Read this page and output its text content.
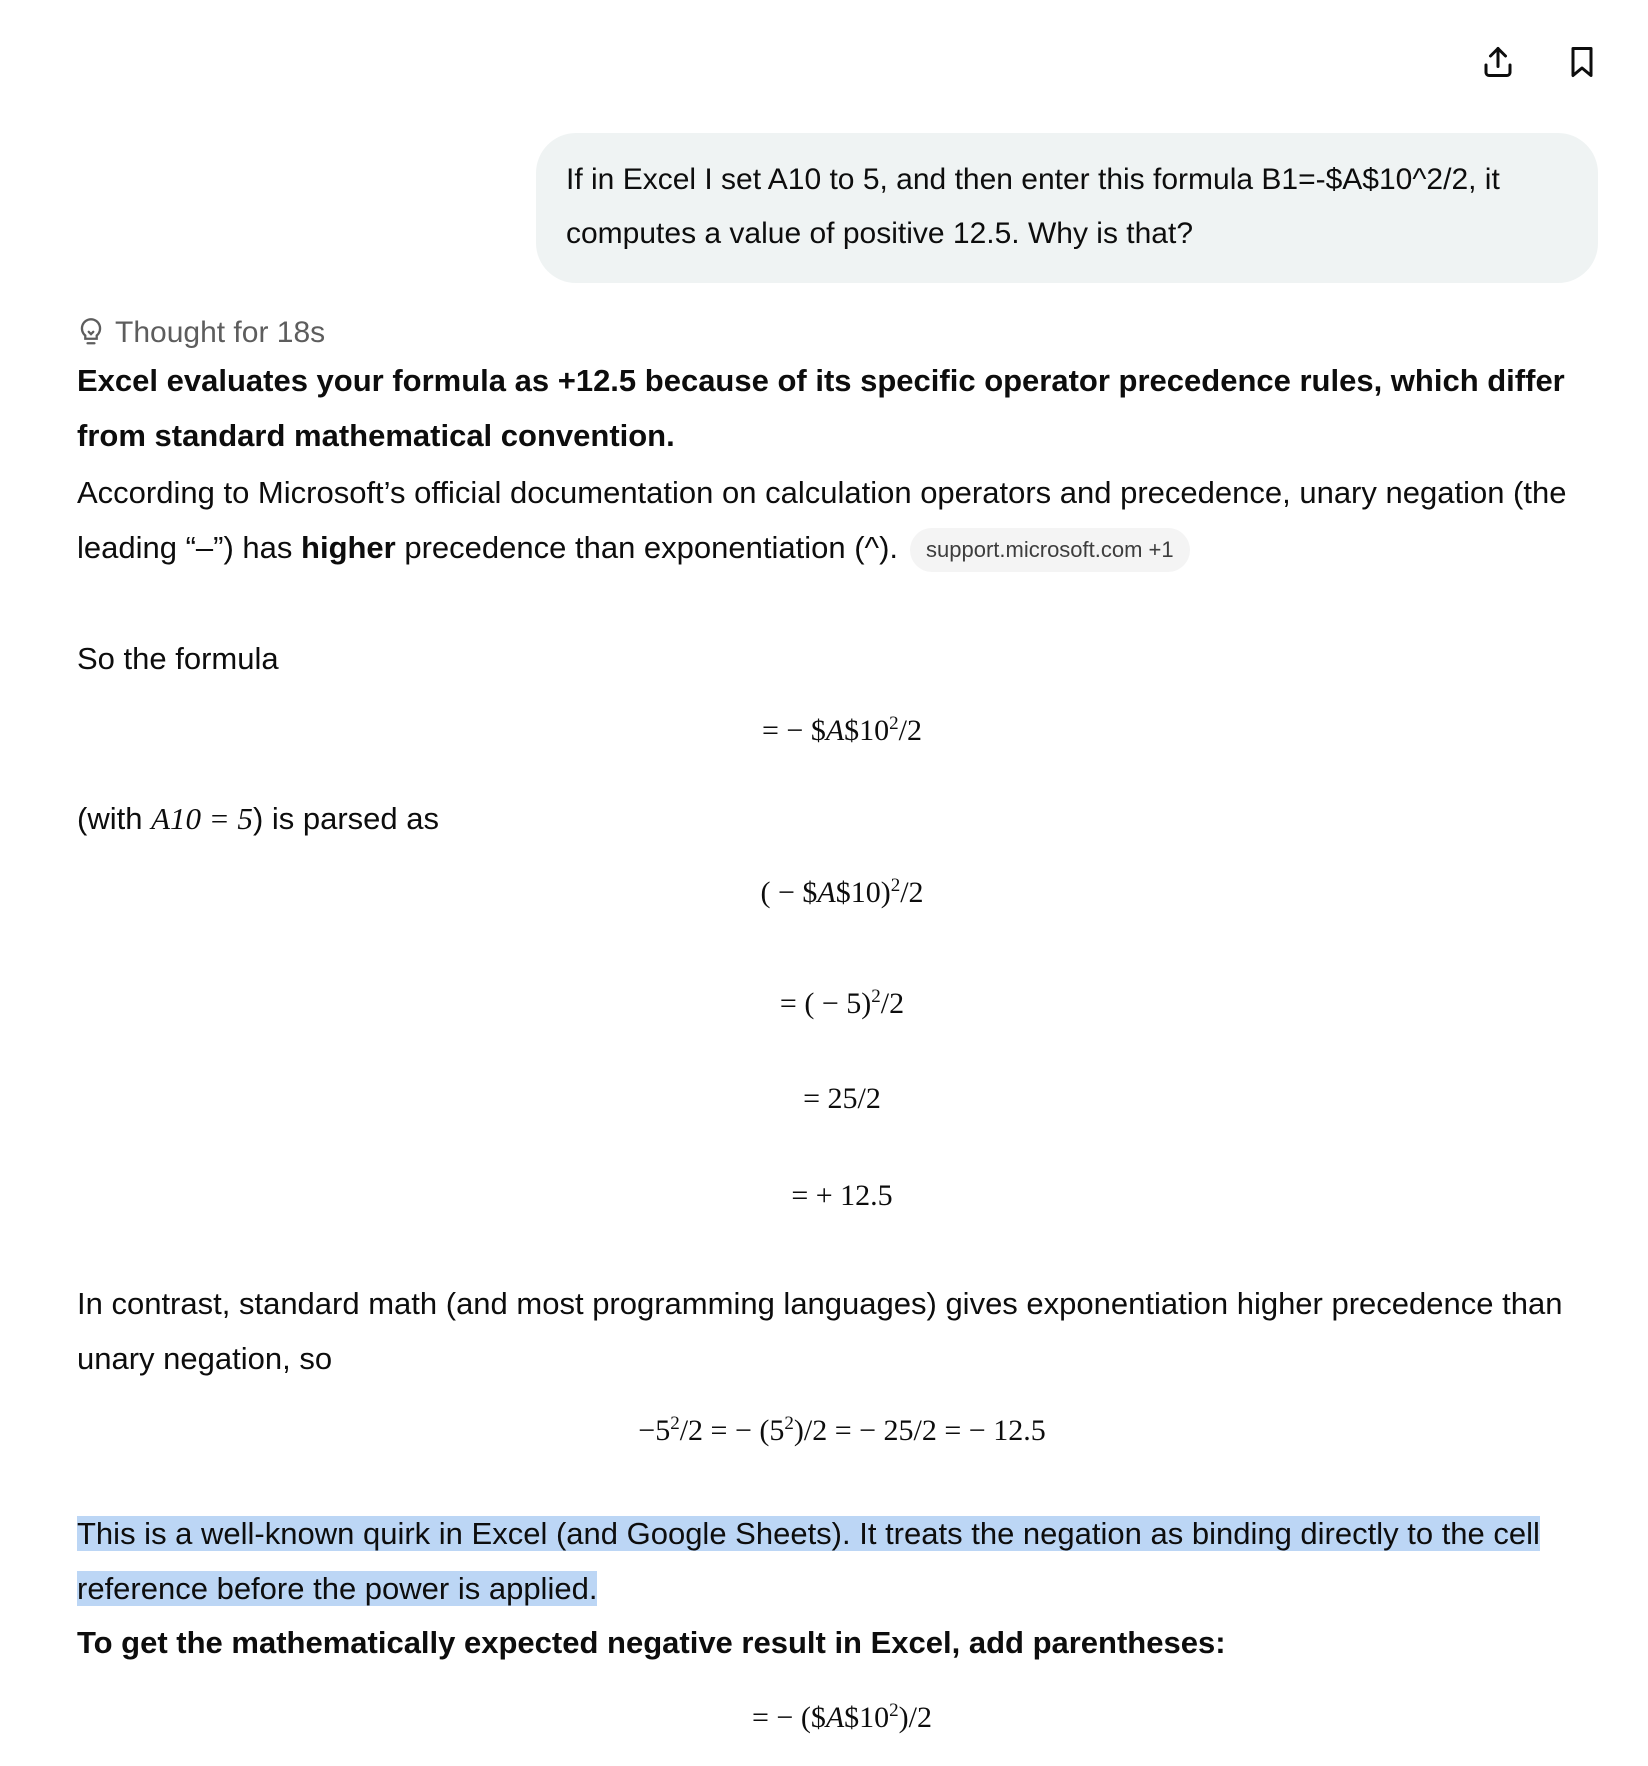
If in Excel I set A10 to 5, and then enter this formula B1=-$A$10^2/2, it computes a value of positive 12.5. Why is that?
Thought for 18s
Excel evaluates your formula as +12.5 because of its specific operator precedence rules, which differ from standard mathematical convention.
According to Microsoft’s official documentation on calculation operators and precedence, unary negation (the leading “–”) has higher precedence than exponentiation (^). support.microsoft.com +1
So the formula
= − $\$A\$10^2/2$
(with A10 = 5) is parsed as
( − $A$10)$^2$/2
= ( − 5)$^2$/2
= 25/2
= + 12.5
In contrast, standard math (and most programming languages) gives exponentiation higher precedence than unary negation, so
$-5^2/2$ = − $(5^2)/2$ = − 25/2 = − 12.5
This is a well-known quirk in Excel (and Google Sheets). It treats the negation as binding directly to the cell reference before the power is applied.
To get the mathematically expected negative result in Excel, add parentheses:
= − $(\$A\$10^2)/2$
